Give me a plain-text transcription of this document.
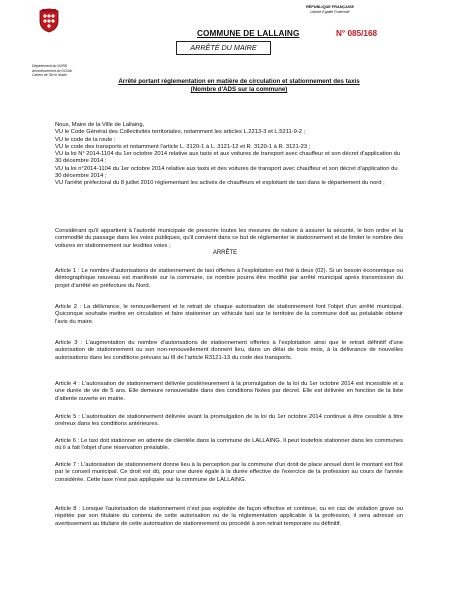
RÉPUBLIQUE FRANÇAISE
Liberté Egalité Fraternité
COMMUNE DE LALLAING	N° 085/168
ARRÊTÉ DU MAIRE
Département du NORD
Arrondissement de DOUAI
Canton de Sin le Noble
Arrêté portant réglementation en matière de circulation et stationnement des taxis
(Nombre d'ADS sur la commune)
Nous, Maire de la Ville de Lallaing,
VU le Code Général des Collectivités territoriales, notamment les articles L.2213-3 et L.5211-9-2 ;
VU le code de la route ;
VU le code des transports et notamment l'article L. 3120-1 à L. 3121-12 et R. 3120-1 à R. 3121-23 ;
VU la loi N° 2014-1104 du 1er octobre 2014 relative aux taxis et aux voitures de transport avec chauffeur et son décret d'application du 30 décembre 2014 ;
VU la loi n°2014-1104 du 1er octobre 2014 relative aux taxis et des voitures de transport avec chauffeur et son décret d'application du 30 décembre 2014 ;
VU l'arrêté préfectoral du 8 juillet 2010 réglementant les activés de chauffeurs et exploitant de taxi dans le département du nord ;
Considérant qu'il appartient à l'autorité municipale de prescrire toutes les mesures de nature à assurer la sécurité, le bon ordre et la commodité du passage dans les voies publiques, qu'il convient dans ce but de réglementer le stationnement et de limiter le nombre des voitures en stationnement sur lesdites voies ;
ARRÊTE
Article 1 : Le nombre d'autorisations de stationnement de taxi offertes à l'exploitation est fixé à deux (02). Si un besoin économique ou démographique nouveau est manifesté sur la commune, ce nombre pourra être modifié par arrêté municipal après transmission du projet d'arrêté en préfecture du Nord.
Article 2 : La délivrance, le renouvellement et le retrait de chaque autorisation de stationnement font l'objet d'un arrêté municipal. Quiconque souhaite mettre en circulation et faire stationner un véhicule taxi sur le territoire de la commune doit au préalable obtenir l'avis du maire.
Article 3 : L'augmentation du nombre d'autorisations de stationnement offertes à l'exploitation ainsi que le retrait définitif d'une autorisation de stationnement ou son non-renouvellement donnent lieu, dans un délai de trois mois, à la délivrance de nouvelles autorisations dans les conditions prévues au III de l'article R3121-13 du code des transports.
Article 4 : L'autorisation de stationnement délivrée postérieurement à la promulgation de la loi du 1er octobre 2014 est incessible et a une durée de vie de 5 ans. Elle demeure renouvelable dans des conditions fixées par décret. Elle est délivrée en fonction de la liste d'attente ouverte en mairie.
Article 5 : L'autorisation de stationnement délivrée avant la promulgation de la loi du 1er octobre 2014 continue à être cessible à titre onéreux dans les conditions antérieures.
Article 6 : Le taxi doit stationner en attente de clientèle dans la commune de LALLAING. Il peut toutefois stationner dans les communes où il a fait l'objet d'une réservation préalable.
Article 7 : L'autorisation de stationnement donne lieu à la perception par la commune d'un droit de place annuel dont le montant est fixé par le conseil municipal. Ce droit est dû, pour une durée égale à la durée effective de l'exercice de la profession au cours de l'année considérée. Cette taxe n'est pas appliquée sur la commune de LALLAING.
Article 8 : Lorsque l'autorisation de stationnement n'est pas exploitée de façon effective et continue, ou en cas de violation grave ou répétée par son titulaire du contenu de cette autorisation ou de la réglementation applicable à la profession, il sera adressé un avertissement au titulaire de cette autorisation de stationnement ou procédé à son retrait temporaire ou définitif.
